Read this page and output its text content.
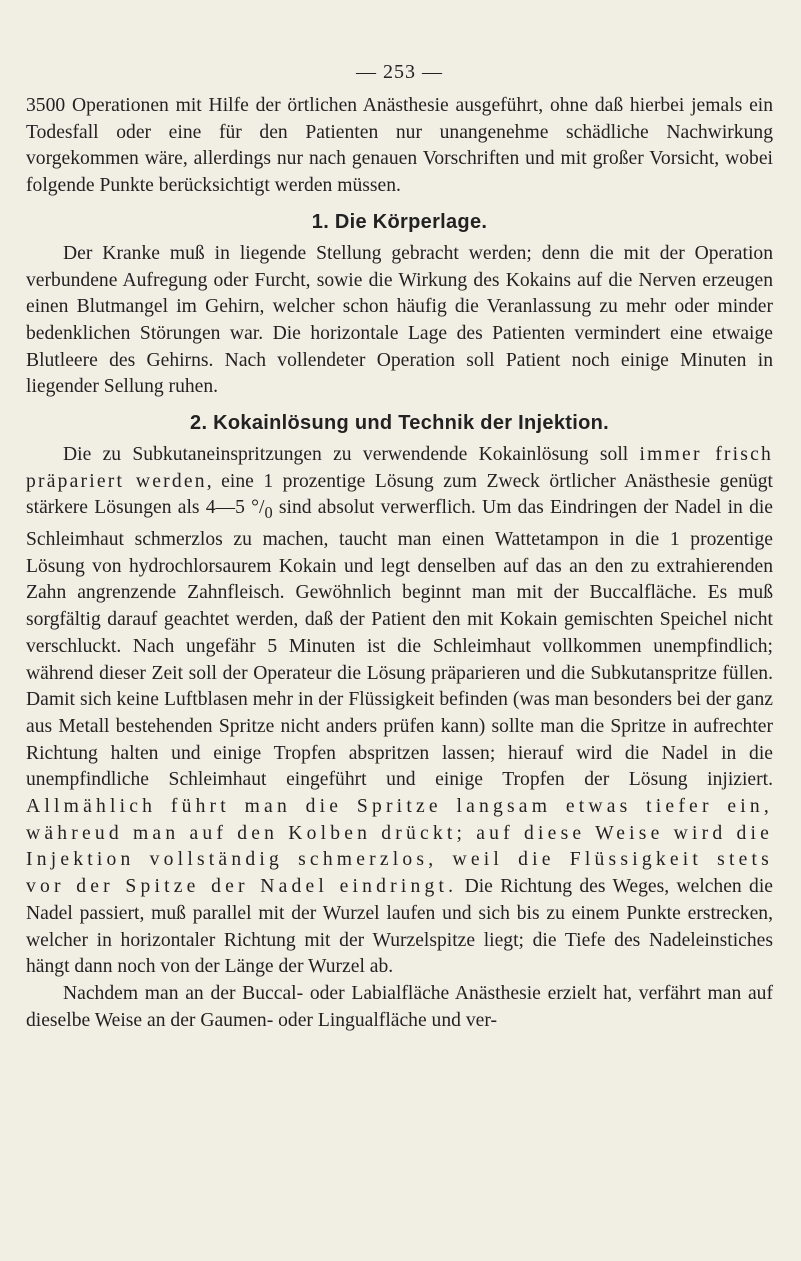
— 253 —

3500 Operationen mit Hilfe der örtlichen Anästhesie ausgeführt, ohne daß hierbei jemals ein Todesfall oder eine für den Patienten nur unangenehme schädliche Nachwirkung vorgekommen wäre, allerdings nur nach genauen Vorschriften und mit großer Vorsicht, wobei folgende Punkte berücksichtigt werden müssen.

1. Die Körperlage.

Der Kranke muß in liegende Stellung gebracht werden; denn die mit der Operation verbundene Aufregung oder Furcht, sowie die Wirkung des Kokains auf die Nerven erzeugen einen Blutmangel im Gehirn, welcher schon häufig die Veranlassung zu mehr oder minder bedenklichen Störungen war. Die horizontale Lage des Patienten vermindert eine etwaige Blutleere des Gehirns. Nach vollendeter Operation soll Patient noch einige Minuten in liegender Sellung ruhen.

2. Kokainlösung und Technik der Injektion.

Die zu Subkutaneinspritzungen zu verwendende Kokainlösung soll immer frisch präpariert werden, eine 1 prozentige Lösung zum Zweck örtlicher Anästhesie genügt stärkere Lösungen als 4—5 $^\circ/_0$ sind absolut verwerflich. Um das Eindringen der Nadel in die Schleimhaut schmerzlos zu machen, taucht man einen Wattetampon in die 1 prozentige Lösung von hydrochlorsaurem Kokain und legt denselben auf das an den zu extrahierenden Zahn angrenzende Zahnfleisch. Gewöhnlich beginnt man mit der Buccalfläche. Es muß sorgfältig darauf geachtet werden, daß der Patient den mit Kokain gemischten Speichel nicht verschluckt. Nach ungefähr 5 Minuten ist die Schleimhaut vollkommen unempfindlich; während dieser Zeit soll der Operateur die Lösung präparieren und die Subkutanspritze füllen. Damit sich keine Luftblasen mehr in der Flüssigkeit befinden (was man besonders bei der ganz aus Metall bestehenden Spritze nicht anders prüfen kann) sollte man die Spritze in aufrechter Richtung halten und einige Tropfen abspritzen lassen; hierauf wird die Nadel in die unempfindliche Schleimhaut eingeführt und einige Tropfen der Lösung injiziert. Allmählich führt man die Spritze langsam etwas tiefer ein, währeud man auf den Kolben drückt; auf diese Weise wird die Injektion vollständig schmerzlos, weil die Flüssigkeit stets vor der Spitze der Nadel eindringt. Die Richtung des Weges, welchen die Nadel passiert, muß parallel mit der Wurzel laufen und sich bis zu einem Punkte erstrecken, welcher in horizontaler Richtung mit der Wurzelspitze liegt; die Tiefe des Nadeleinstiches hängt dann noch von der Länge der Wurzel ab.

Nachdem man an der Buccal- oder Labialfläche Anästhesie erzielt hat, verfährt man auf dieselbe Weise an der Gaumen- oder Lingualfläche und ver-
